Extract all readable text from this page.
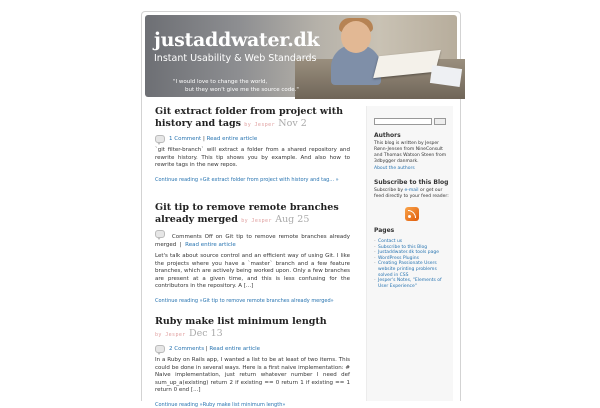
justaddwater.dk
Instant Usability & Web Standards
"I would love to change the world,
but they won't give me the source code."
Git extract folder from project with history and tags by Jesper Nov 2
1 Comment | Read entire article
`git filter-branch` will extract a folder from a shared repository and rewrite history. This tip shows you by example. And also how to rewrite tags in the new repos.
Continue reading »Git extract folder from project with history and tag... »
Git tip to remove remote branches already merged by Jesper Aug 25
Comments Off on Git tip to remove remote branches already merged  |  Read entire article
Let's talk about source control and an efficient way of using Git. I like the projects where you have a `master` branch and a few feature branches, which are actively being worked upon. Only a few branches are present at a given time, and this is less confusing for the contributors in the repository. A [...]
Continue reading »Git tip to remove remote branches already merged»
Ruby make list minimum length
by Jesper Dec 13
2 Comments | Read entire article
In a Ruby on Rails app, I wanted a list to be at least of two items. This could be done in several ways. Here is a first naive implementation: # Naive implementation, just return whatever number I need def sum_up_a(existing) return 2 if existing == 0 return 1 if existing == 1 return 0 end [...]
Continue reading »Ruby make list minimum length»
Authors
This blog is written by Jesper Rønn-Jensen from NineConsult and Thomas Watson Steen from 3dbygger danmark.
About the authors
Subscribe to this Blog
Subscribe by e-mail or get our feed directly to your feed reader:
Pages
- Contact us
- Subscribe to this Blog
- Justaddwater.dk tools page
- WordPress Plugins
- Creating Passionate Users website printing problems solved in CSS
- Jesper's Notes, "Elements of User Experience"
